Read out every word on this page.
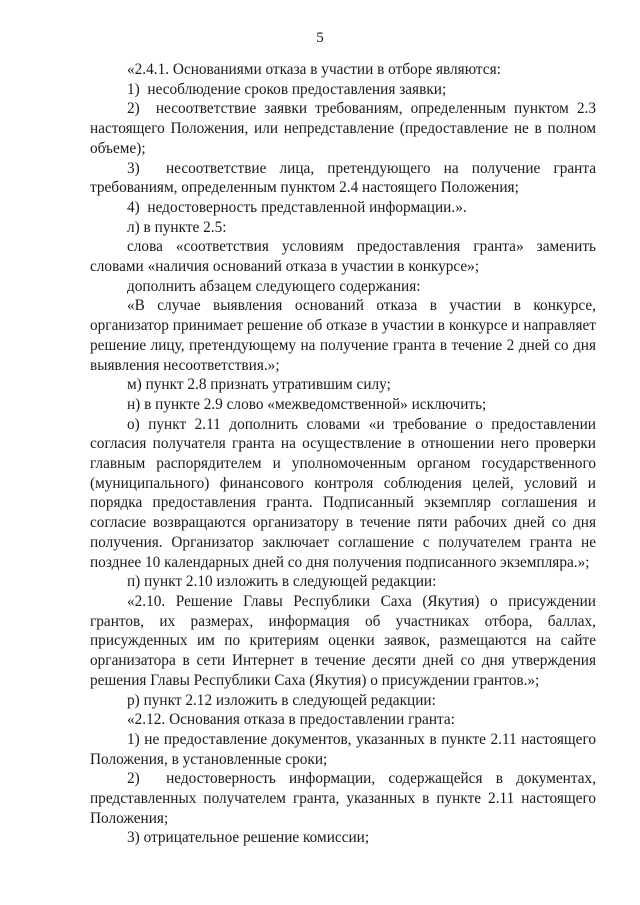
5

«2.4.1. Основаниями отказа в участии в отборе являются:

1)  несоблюдение сроков предоставления заявки;

2)  несоответствие заявки требованиям, определенным пунктом 2.3 настоящего Положения, или непредставление (предоставление не в полном объеме);

3)  несоответствие лица, претендующего на получение гранта требованиям, определенным пунктом 2.4 настоящего Положения;

4)  недостоверность представленной информации.».

л) в пункте 2.5:

слова «соответствия условиям предоставления гранта» заменить словами «наличия оснований отказа в участии в конкурсе»;

дополнить абзацем следующего содержания:

«В случае выявления оснований отказа в участии в конкурсе, организатор принимает решение об отказе в участии в конкурсе и направляет решение лицу, претендующему на получение гранта в течение 2 дней со дня выявления несоответствия.»;

м) пункт 2.8 признать утратившим силу;

н) в пункте 2.9 слово «межведомственной» исключить;

о) пункт 2.11 дополнить словами «и требование о предоставлении согласия получателя гранта на осуществление в отношении него проверки главным распорядителем и уполномоченным органом государственного (муниципального) финансового контроля соблюдения целей, условий и порядка предоставления гранта. Подписанный экземпляр соглашения и согласие возвращаются организатору в течение пяти рабочих дней со дня получения. Организатор заключает соглашение с получателем гранта не позднее 10 календарных дней со дня получения подписанного экземпляра.»;

п) пункт 2.10 изложить в следующей редакции:

«2.10. Решение Главы Республики Саха (Якутия) о присуждении грантов, их размерах, информация об участниках отбора, баллах, присужденных им по критериям оценки заявок, размещаются на сайте организатора в сети Интернет в течение десяти дней со дня утверждения решения Главы Республики Саха (Якутия) о присуждении грантов.»;

р) пункт 2.12 изложить в следующей редакции:

«2.12. Основания отказа в предоставлении гранта:

1) не предоставление документов, указанных в пункте 2.11 настоящего Положения, в установленные сроки;

2)  недостоверность информации, содержащейся в документах, представленных получателем гранта, указанных в пункте 2.11 настоящего Положения;

3) отрицательное решение комиссии;
